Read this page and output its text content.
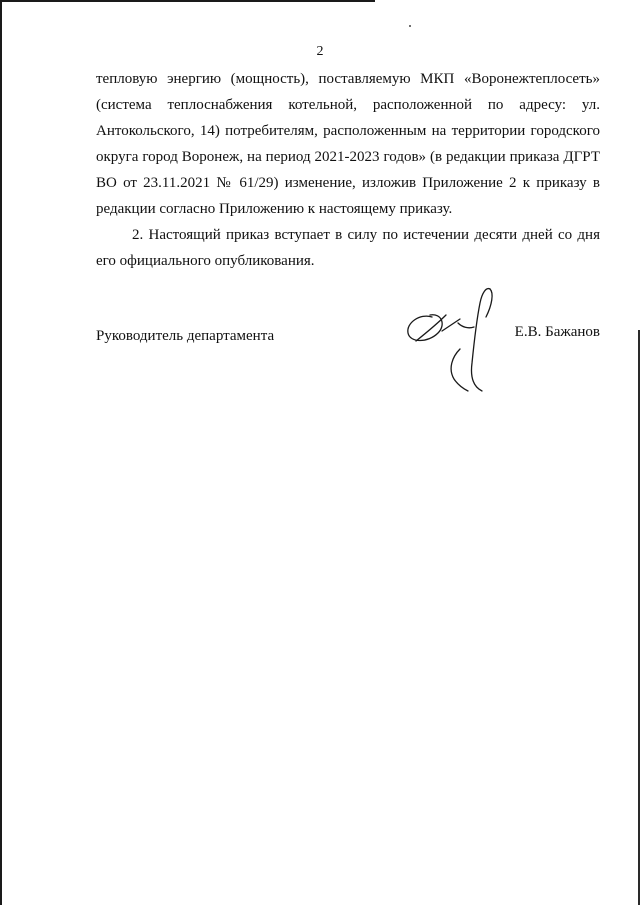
2
тепловую энергию (мощность), поставляемую МКП «Воронежтеплосеть»
(система теплоснабжения котельной, расположенной по адресу: ул.
Антокольского, 14) потребителям, расположенным на территории городского
округа город Воронеж, на период 2021-2023 годов» (в редакции приказа ДГРТ
ВО от 23.11.2021 № 61/29) изменение, изложив Приложение 2 к приказу в
редакции согласно Приложению к настоящему приказу.
2. Настоящий приказ вступает в силу по истечении десяти дней со дня
его официального опубликования.
Руководитель департамента	Е.В. Бажанов
